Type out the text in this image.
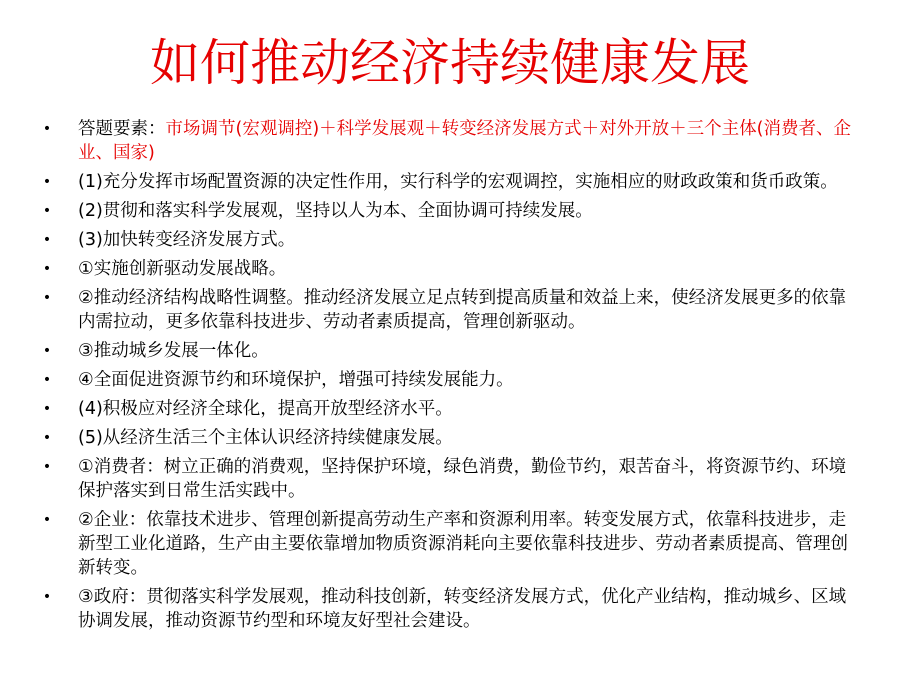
如何推动经济持续健康发展
• 答题要素：市场调节(宏观调控)＋科学发展观＋转变经济发展方式＋对外开放＋三个主体(消费者、企业、国家)
• (1)充分发挥市场配置资源的决定性作用，实行科学的宏观调控，实施相应的财政政策和货币政策。
• (2)贯彻和落实科学发展观，坚持以人为本、全面协调可持续发展。
• (3)加快转变经济发展方式。
• ①实施创新驱动发展战略。
• ②推动经济结构战略性调整。推动经济发展立足点转到提高质量和效益上来，使经济发展更多的依靠内需拉动，更多依靠科技进步、劳动者素质提高，管理创新驱动。
• ③推动城乡发展一体化。
• ④全面促进资源节约和环境保护，增强可持续发展能力。
• (4)积极应对经济全球化，提高开放型经济水平。
• (5)从经济生活三个主体认识经济持续健康发展。
• ①消费者：树立正确的消费观，坚持保护环境，绿色消费，勤俭节约，艰苦奋斗，将资源节约、环境保护落实到日常生活实践中。
• ②企业：依靠技术进步、管理创新提高劳动生产率和资源利用率。转变发展方式，依靠科技进步，走新型工业化道路，生产由主要依靠增加物质资源消耗向主要依靠科技进步、劳动者素质提高、管理创新转变。
• ③政府：贯彻落实科学发展观，推动科技创新，转变经济发展方式，优化产业结构，推动城乡、区域协调发展，推动资源节约型和环境友好型社会建设。
